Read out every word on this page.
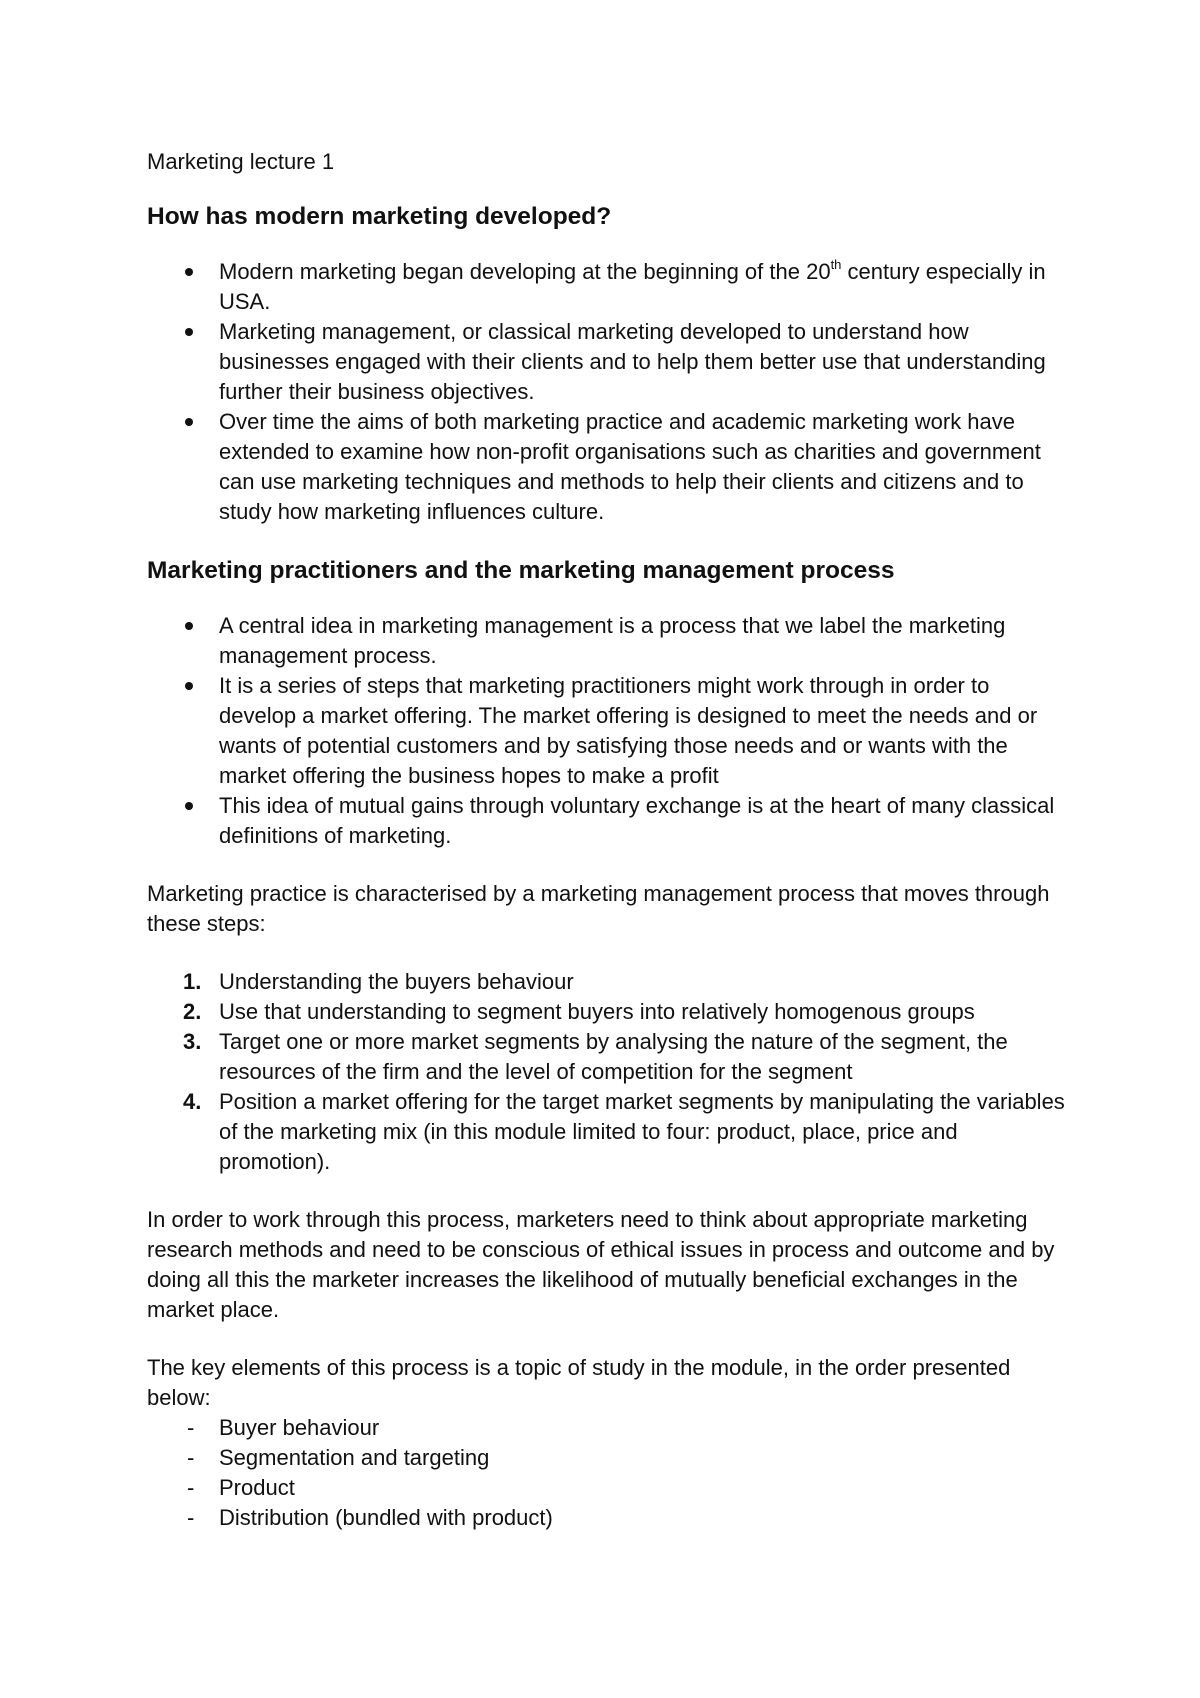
Marketing lecture 1

How has modern marketing developed?
Modern marketing began developing at the beginning of the 20th century especially in USA.
Marketing management, or classical marketing developed to understand how businesses engaged with their clients and to help them better use that understanding further their business objectives.
Over time the aims of both marketing practice and academic marketing work have extended to examine how non-profit organisations such as charities and government can use marketing techniques and methods to help their clients and citizens and to study how marketing influences culture.
Marketing practitioners and the marketing management process
A central idea in marketing management is a process that we label the marketing management process.
It is a series of steps that marketing practitioners might work through in order to develop a market offering. The market offering is designed to meet the needs and or wants of potential customers and by satisfying those needs and or wants with the market offering the business hopes to make a profit
This idea of mutual gains through voluntary exchange is at the heart of many classical definitions of marketing.

Marketing practice is characterised by a marketing management process that moves through these steps:

1. Understanding the buyers behaviour
2. Use that understanding to segment buyers into relatively homogenous groups
3. Target one or more market segments by analysing the nature of the segment, the resources of the firm and the level of competition for the segment
4. Position a market offering for the target market segments by manipulating the variables of the marketing mix (in this module limited to four: product, place, price and promotion).

In order to work through this process, marketers need to think about appropriate marketing research methods and need to be conscious of ethical issues in process and outcome and by doing all this the marketer increases the likelihood of mutually beneficial exchanges in the market place.

The key elements of this process is a topic of study in the module, in the order presented below:

- Buyer behaviour
- Segmentation and targeting
- Product
- Distribution (bundled with product)
